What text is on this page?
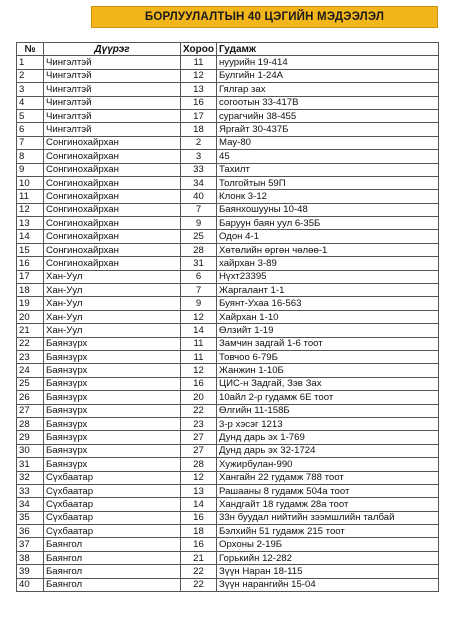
БОРЛУУЛАЛТЫН 40 ЦЭГИЙН МЭДЭЭЛЭЛ
№	Дүүрэг	Хороо	Гудамж
1	Чингэлтэй	11	нуурийн 19-414
2	Чингэлтэй	12	Булгийн 1-24А
3	Чингэлтэй	13	Гялгар зах
4	Чингэлтэй	16	согоотын 33-417В
5	Чингэлтэй	17	сурагчийн 38-455
6	Чингэлтэй	18	Яргайт 30-437Б
7	Сонгинохайрхан	2	Мау-80
8	Сонгинохайрхан	3	45
9	Сонгинохайрхан	33	Тахилт
10	Сонгинохайрхан	34	Толгойтын 59П
11	Сонгинохайрхан	40	Клонк 3-12
12	Сонгинохайрхан	7	Баянхошууны 10-48
13	Сонгинохайрхан	9	Баруун баян уул 6-35Б
14	Сонгинохайрхан	25	Одон 4-1
15	Сонгинохайрхан	28	Хөтөлийн өргөн чөлөө-1
16	Сонгинохайрхан	31	хайрхан 3-89
17	Хан-Уул	6	Нүхт23395
18	Хан-Уул	7	Жаргалант 1-1
19	Хан-Уул	9	Буянт-Ухаа 16-563
20	Хан-Уул	12	Хайрхан 1-10
21	Хан-Уул	14	Өлзийт 1-19
22	Баянзүрх	11	Замчин задгай 1-6 тоот
23	Баянзүрх	11	Товчоо 6-79Б
24	Баянзүрх	12	Жанжин 1-10Б
25	Баянзүрх	16	ЦИС-н Задгай, Зэв Зах
26	Баянзүрх	20	10айл 2-р гудамж 6Е тоот
27	Баянзүрх	22	Өлгийн 11-158Б
28	Баянзүрх	23	3-р хэсэг 1213
29	Баянзүрх	27	Дунд дарь эх 1-769
30	Баянзүрх	27	Дунд дарь эх 32-1724
31	Баянзүрх	28	Хужирбулан-990
32	Сүхбаатар	12	Хангайн 22 гудамж 788 тоот
33	Сүхбаатар	13	Рашааны 8 гудамж 504а тоот
34	Сүхбаатар	14	Хандгайт 18 гудамж 28а тоот
35	Сүхбаатар	16	33н буудал нийтийн зээмшлийн талбай
36	Сүхбаатар	18	Бэлхийн 51 гудамж 215 тоот
37	Баянгол	16	Орхоны 2-19Б
38	Баянгол	21	Горькийн 12-282
39	Баянгол	22	Зүүн Наран 18-115
40	Баянгол	22	Зүүн нарангийн 15-04
